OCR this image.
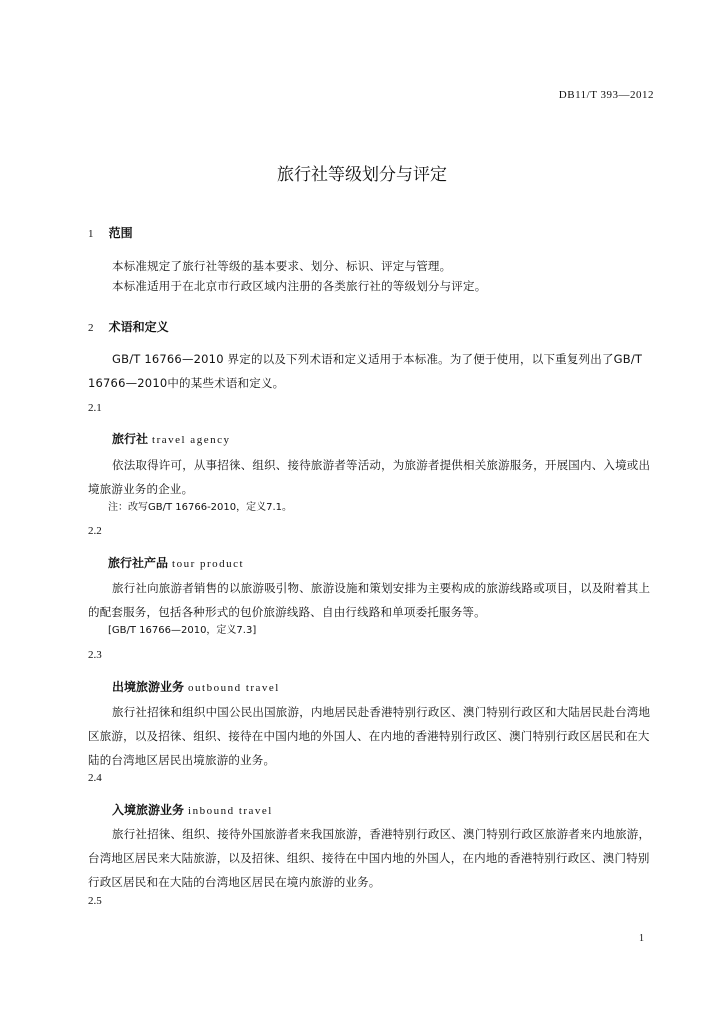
DB11/T 393—2012
旅行社等级划分与评定
1 范围
本标准规定了旅行社等级的基本要求、划分、标识、评定与管理。
本标准适用于在北京市行政区域内注册的各类旅行社的等级划分与评定。
2 术语和定义
GB/T 16766—2010 界定的以及下列术语和定义适用于本标准。为了便于使用，以下重复列出了GB/T 16766—2010中的某些术语和定义。
2.1
旅行社 travel agency
依法取得许可，从事招徕、组织、接待旅游者等活动，为旅游者提供相关旅游服务，开展国内、入境或出境旅游业务的企业。
注：改写GB/T 16766-2010，定义7.1。
2.2
旅行社产品 tour product
旅行社向旅游者销售的以旅游吸引物、旅游设施和策划安排为主要构成的旅游线路或项目，以及附着其上的配套服务，包括各种形式的包价旅游线路、自由行线路和单项委托服务等。
[GB/T 16766—2010，定义7.3]
2.3
出境旅游业务 outbound travel
旅行社招徕和组织中国公民出国旅游，内地居民赴香港特别行政区、澳门特别行政区和大陆居民赴台湾地区旅游，以及招徕、组织、接待在中国内地的外国人、在内地的香港特别行政区、澳门特别行政区居民和在大陆的台湾地区居民出境旅游的业务。
2.4
入境旅游业务 inbound travel
旅行社招徕、组织、接待外国旅游者来我国旅游，香港特别行政区、澳门特别行政区旅游者来内地旅游，台湾地区居民来大陆旅游，以及招徕、组织、接待在中国内地的外国人，在内地的香港特别行政区、澳门特别行政区居民和在大陆的台湾地区居民在境内旅游的业务。
2.5
1
